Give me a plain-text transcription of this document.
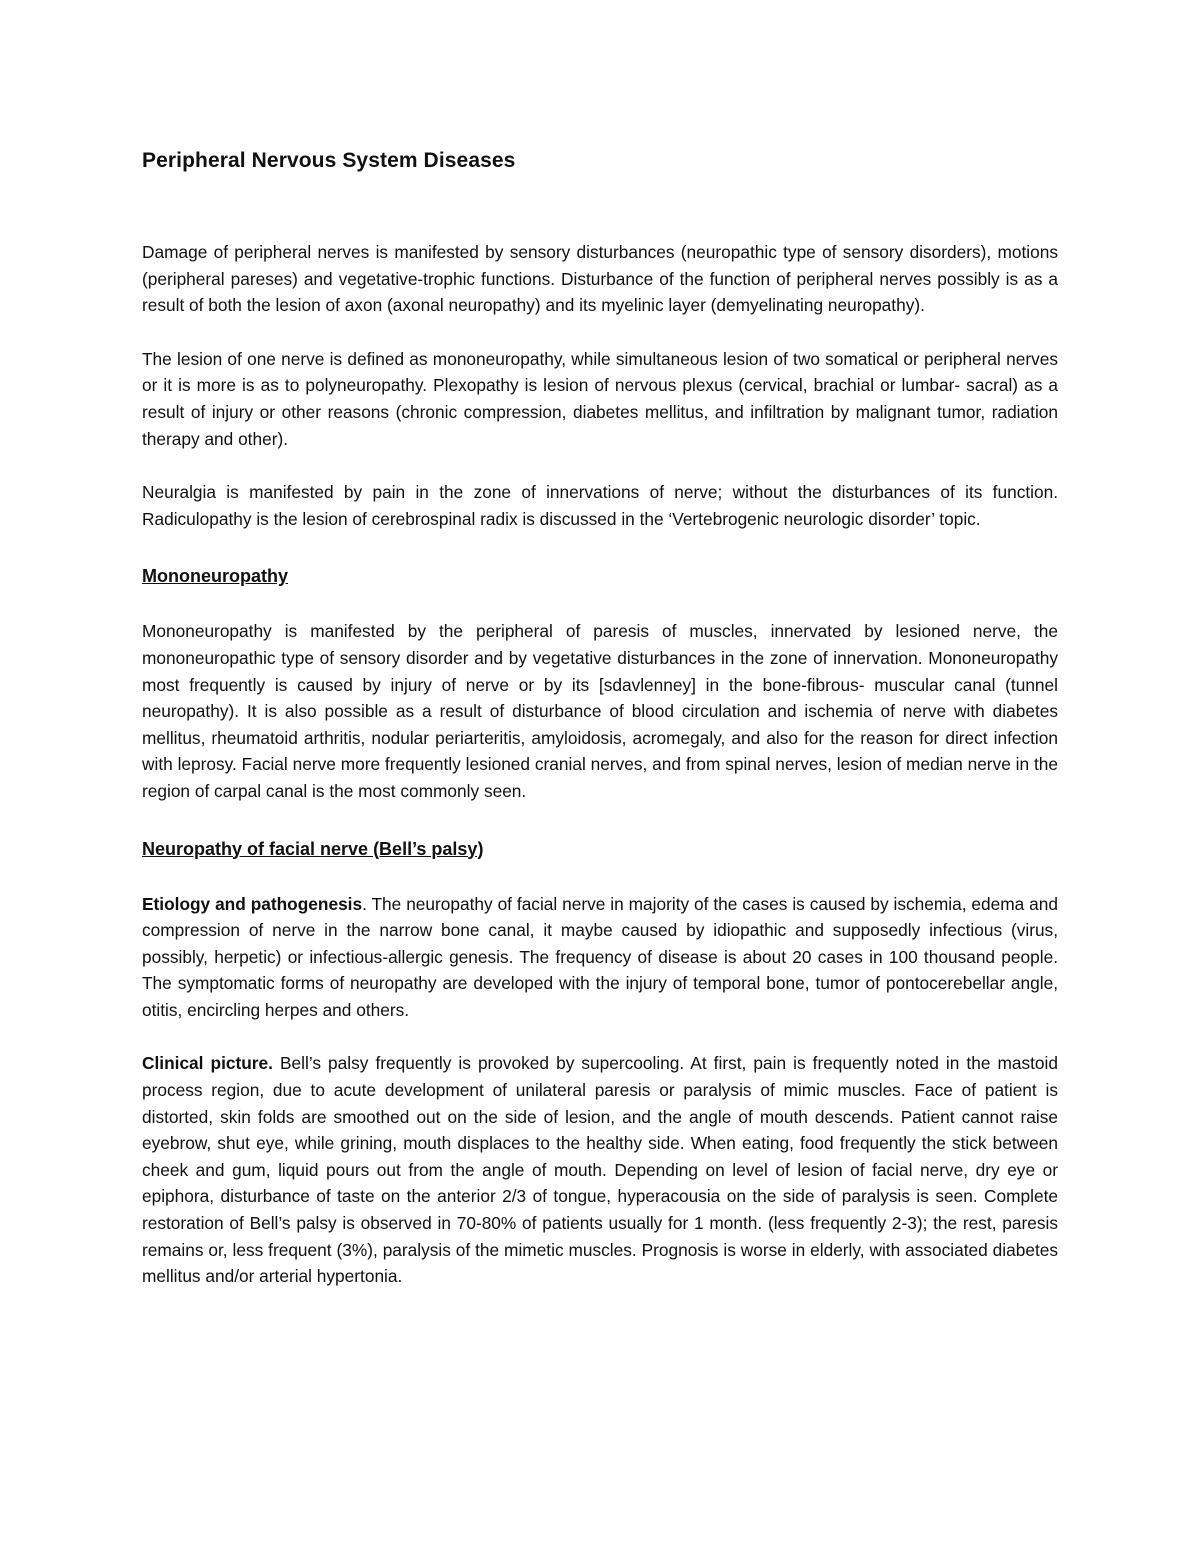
Peripheral Nervous System Diseases

Damage of peripheral nerves is manifested by sensory disturbances (neuropathic type of sensory disorders), motions (peripheral pareses) and vegetative-trophic functions. Disturbance of the function of peripheral nerves possibly is as a result of both the lesion of axon (axonal neuropathy) and its myelinic layer (demyelinating neuropathy).

The lesion of one nerve is defined as mononeuropathy, while simultaneous lesion of two somatical or peripheral nerves or it is more is as to polyneuropathy. Plexopathy is lesion of nervous plexus (cervical, brachial or lumbar- sacral) as a result of injury or other reasons (chronic compression, diabetes mellitus, and infiltration by malignant tumor, radiation therapy and other).

Neuralgia is manifested by pain in the zone of innervations of nerve; without the disturbances of its function. Radiculopathy is the lesion of cerebrospinal radix is discussed in the ‘Vertebrogenic neurologic disorder’ topic.

Mononeuropathy

Mononeuropathy is manifested by the peripheral of paresis of muscles, innervated by lesioned nerve, the mononeuropathic type of sensory disorder and by vegetative disturbances in the zone of innervation. Mononeuropathy most frequently is caused by injury of nerve or by its [sdavlenney] in the bone-fibrous- muscular canal (tunnel neuropathy). It is also possible as a result of disturbance of blood circulation and ischemia of nerve with diabetes mellitus, rheumatoid arthritis, nodular periarteritis, amyloidosis, acromegaly, and also for the reason for direct infection with leprosy. Facial nerve more frequently lesioned cranial nerves, and from spinal nerves, lesion of median nerve in the region of carpal canal is the most commonly seen.

Neuropathy of facial nerve (Bell’s palsy)

Etiology and pathogenesis. The neuropathy of facial nerve in majority of the cases is caused by ischemia, edema and compression of nerve in the narrow bone canal, it maybe caused by idiopathic and supposedly infectious (virus, possibly, herpetic) or infectious-allergic genesis. The frequency of disease is about 20 cases in 100 thousand people. The symptomatic forms of neuropathy are developed with the injury of temporal bone, tumor of pontocerebellar angle, otitis, encircling herpes and others.

Clinical picture. Bell’s palsy frequently is provoked by supercooling. At first, pain is frequently noted in the mastoid process region, due to acute development of unilateral paresis or paralysis of mimic muscles. Face of patient is distorted, skin folds are smoothed out on the side of lesion, and the angle of mouth descends. Patient cannot raise eyebrow, shut eye, while grining, mouth displaces to the healthy side. When eating, food frequently the stick between cheek and gum, liquid pours out from the angle of mouth. Depending on level of lesion of facial nerve, dry eye or epiphora, disturbance of taste on the anterior 2/3 of tongue, hyperacousia on the side of paralysis is seen. Complete restoration of Bell’s palsy is observed in 70-80% of patients usually for 1 month. (less frequently 2-3); the rest, paresis remains or, less frequent (3%), paralysis of the mimetic muscles. Prognosis is worse in elderly, with associated diabetes mellitus and/or arterial hypertonia.
